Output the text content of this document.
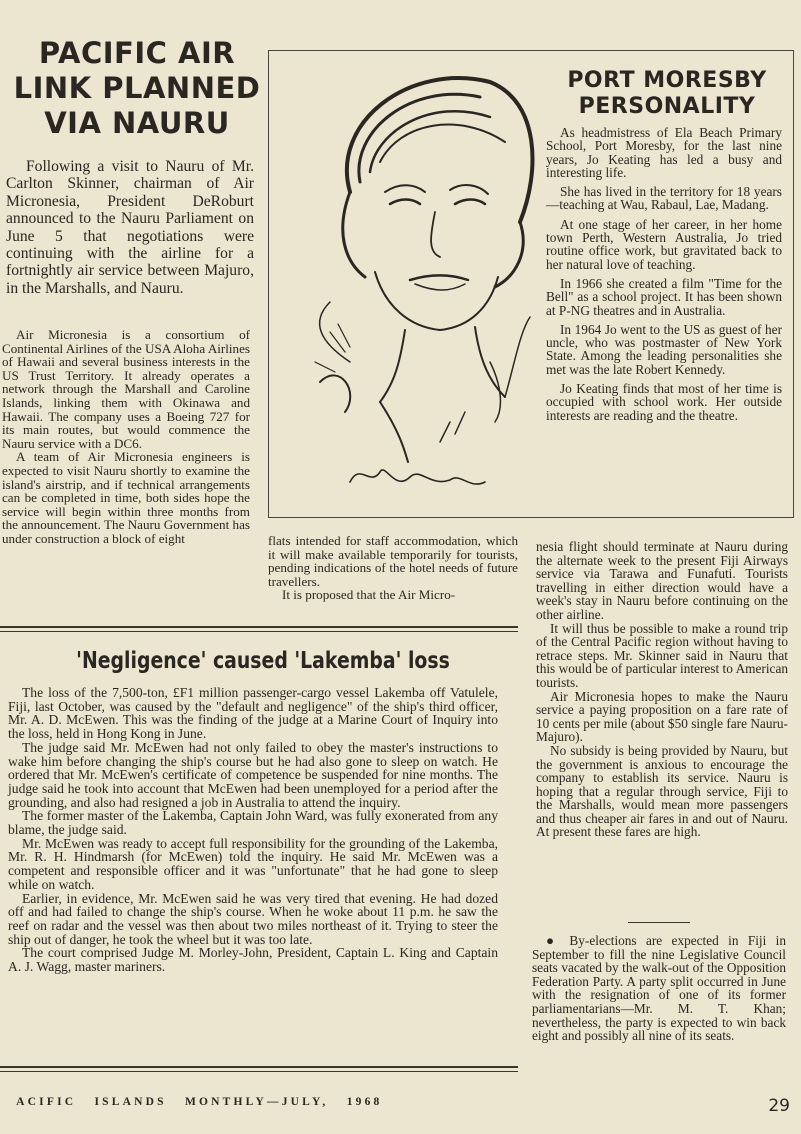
PACIFIC AIR
LINK PLANNED
VIA NAURU

Following a visit to Nauru of Mr. Carlton Skinner, chairman of Air Micronesia, President DeRoburt announced to the Nauru Parliament on June 5 that negotiations were continuing with the airline for a fortnightly air service between Majuro, in the Marshalls, and Nauru.

Air Micronesia is a consortium of Continental Airlines of the USA Aloha Airlines of Hawaii and several business interests in the US Trust Territory. It already operates a network through the Marshall and Caroline Islands, linking them with Okinawa and Hawaii. The company uses a Boeing 727 for its main routes, but would commence the Nauru service with a DC6.

A team of Air Micronesia engineers is expected to visit Nauru shortly to examine the island's airstrip, and if technical arrangements can be completed in time, both sides hope the service will begin within three months from the announcement. The Nauru Government has under construction a block of eight

PORT MORESBY
PERSONALITY

As headmistress of Ela Beach Primary School, Port Moresby, for the last nine years, Jo Keating has led a busy and interesting life.

She has lived in the territory for 18 years—teaching at Wau, Rabaul, Lae, Madang.

At one stage of her career, in her home town Perth, Western Australia, Jo tried routine office work, but gravitated back to her natural love of teaching.

In 1966 she created a film "Time for the Bell" as a school project. It has been shown at P-NG theatres and in Australia.

In 1964 Jo went to the US as guest of her uncle, who was postmaster of New York State. Among the leading personalities she met was the late Robert Kennedy.

Jo Keating finds that most of her time is occupied with school work. Her outside interests are reading and the theatre.

flats intended for staff accommodation, which it will make available temporarily for tourists, pending indications of the hotel needs of future travellers.

It is proposed that the Air Micro-

nesia flight should terminate at Nauru during the alternate week to the present Fiji Airways service via Tarawa and Funafuti. Tourists travelling in either direction would have a week's stay in Nauru before continuing on the other airline.

It will thus be possible to make a round trip of the Central Pacific region without having to retrace steps. Mr. Skinner said in Nauru that this would be of particular interest to American tourists.

Air Micronesia hopes to make the Nauru service a paying proposition on a fare rate of 10 cents per mile (about $50 single fare Nauru-Majuro).

No subsidy is being provided by Nauru, but the government is anxious to encourage the company to establish its service. Nauru is hoping that a regular through service, Fiji to the Marshalls, would mean more passengers and thus cheaper air fares in and out of Nauru. At present these fares are high.

● By-elections are expected in Fiji in September to fill the nine Legislative Council seats vacated by the walk-out of the Opposition Federation Party. A party split occurred in June with the resignation of one of its former parliamentarians—Mr. M. T. Khan; nevertheless, the party is expected to win back eight and possibly all nine of its seats.

'Negligence' caused 'Lakemba' loss

The loss of the 7,500-ton, £F1 million passenger-cargo vessel Lakemba off Vatulele, Fiji, last October, was caused by the "default and negligence" of the ship's third officer, Mr. A. D. McEwen. This was the finding of the judge at a Marine Court of Inquiry into the loss, held in Hong Kong in June.

The judge said Mr. McEwen had not only failed to obey the master's instructions to wake him before changing the ship's course but he had also gone to sleep on watch. He ordered that Mr. McEwen's certificate of competence be suspended for nine months. The judge said he took into account that McEwen had been unemployed for a period after the grounding, and also had resigned a job in Australia to attend the inquiry.

The former master of the Lakemba, Captain John Ward, was fully exonerated from any blame, the judge said.

Mr. McEwen was ready to accept full responsibility for the grounding of the Lakemba, Mr. R. H. Hindmarsh (for McEwen) told the inquiry. He said Mr. McEwen was a competent and responsible officer and it was "unfortunate" that he had gone to sleep while on watch.

Earlier, in evidence, Mr. McEwen said he was very tired that evening. He had dozed off and had failed to change the ship's course. When he woke about 11 p.m. he saw the reef on radar and the vessel was then about two miles northeast of it. Trying to steer the ship out of danger, he took the wheel but it was too late.

The court comprised Judge M. Morley-John, President, Captain L. King and Captain A. J. Wagg, master mariners.

ACIFIC   ISLANDS   MONTHLY—JULY,   1968	29
